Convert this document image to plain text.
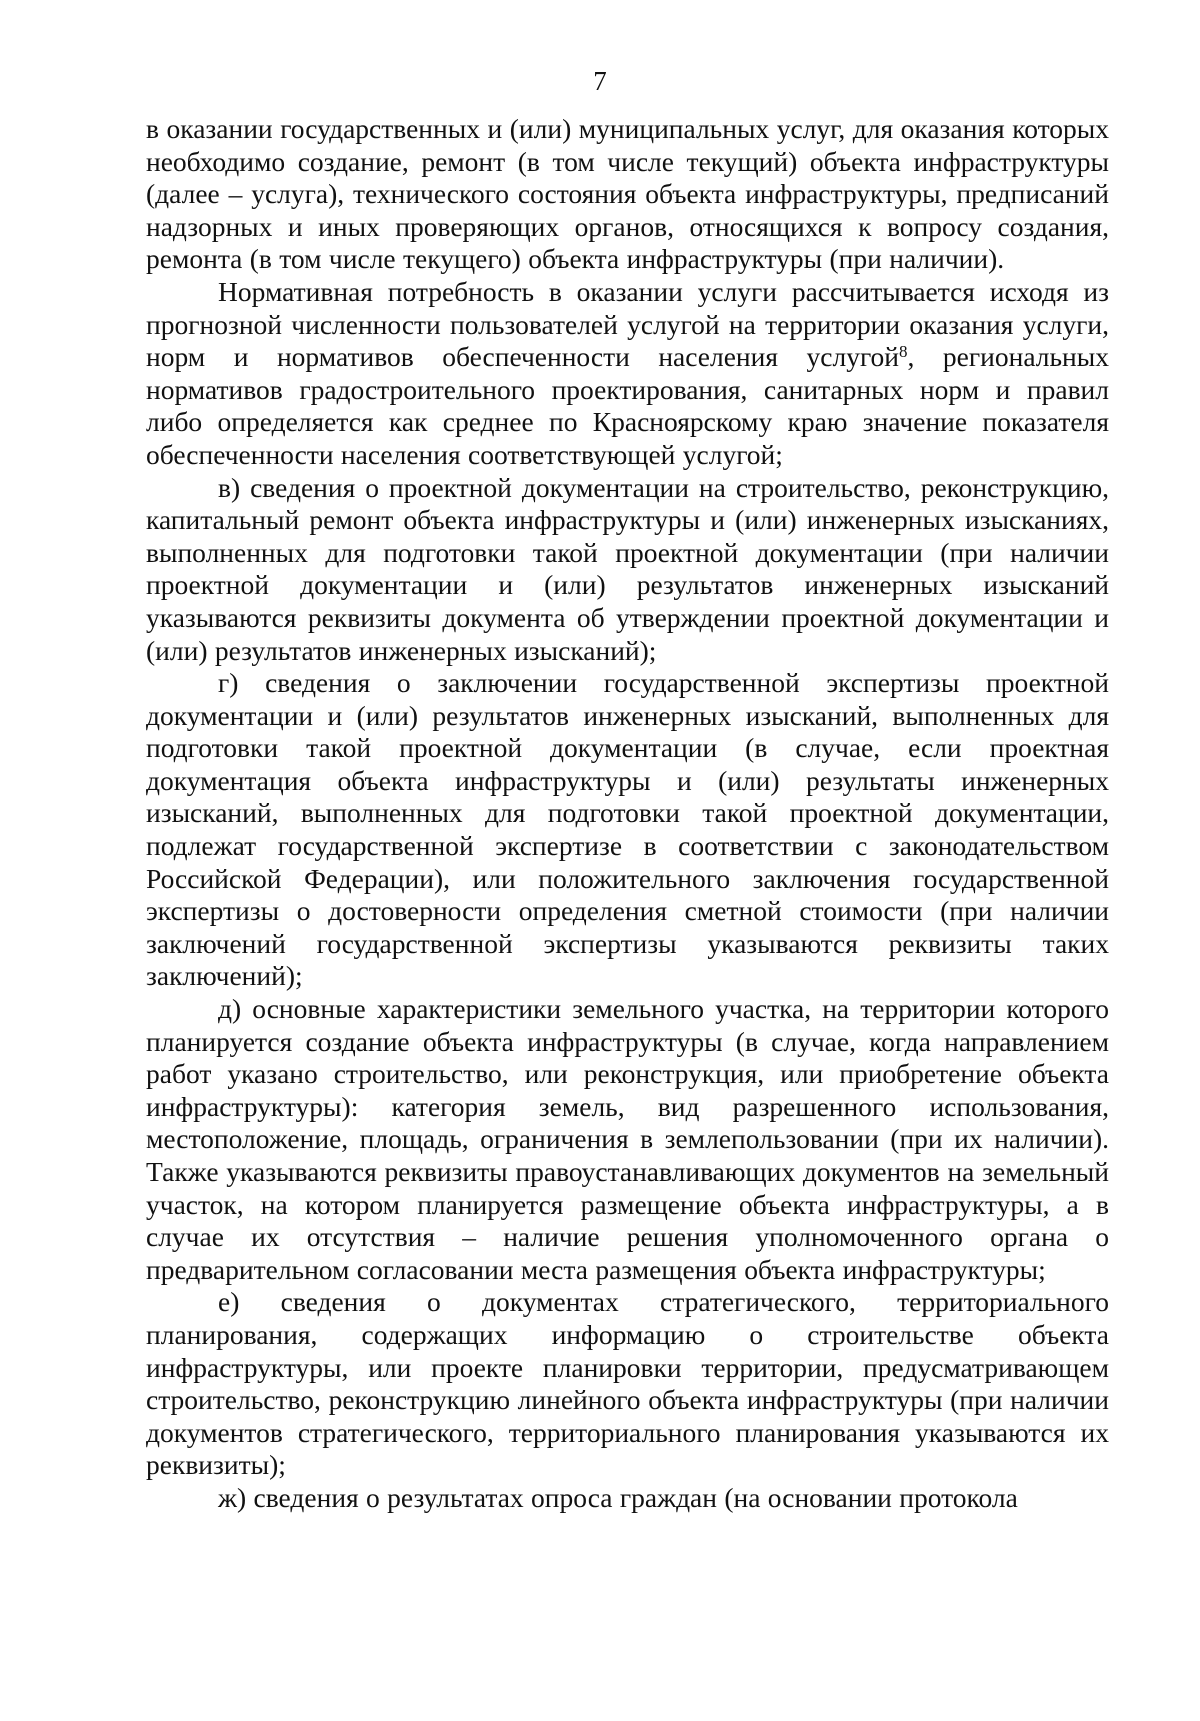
7

в оказании государственных и (или) муниципальных услуг, для оказания которых необходимо создание, ремонт (в том числе текущий) объекта инфраструктуры (далее – услуга), технического состояния объекта инфраструктуры, предписаний надзорных и иных проверяющих органов, относящихся к вопросу создания, ремонта (в том числе текущего) объекта инфраструктуры (при наличии).

Нормативная потребность в оказании услуги рассчитывается исходя из прогнозной численности пользователей услугой на территории оказания услуги, норм и нормативов обеспеченности населения услугой$^8$, региональных нормативов градостроительного проектирования, санитарных норм и правил либо определяется как среднее по Красноярскому краю значение показателя обеспеченности населения соответствующей услугой;

в) сведения о проектной документации на строительство, реконструкцию, капитальный ремонт объекта инфраструктуры и (или) инженерных изысканиях, выполненных для подготовки такой проектной документации (при наличии проектной документации и (или) результатов инженерных изысканий указываются реквизиты документа об утверждении проектной документации и (или) результатов инженерных изысканий);

г) сведения о заключении государственной экспертизы проектной документации и (или) результатов инженерных изысканий, выполненных для подготовки такой проектной документации (в случае, если проектная документация объекта инфраструктуры и (или) результаты инженерных изысканий, выполненных для подготовки такой проектной документации, подлежат государственной экспертизе в соответствии с законодательством Российской Федерации), или положительного заключения государственной экспертизы о достоверности определения сметной стоимости (при наличии заключений государственной экспертизы указываются реквизиты таких заключений);

д) основные характеристики земельного участка, на территории которого планируется создание объекта инфраструктуры (в случае, когда направлением работ указано строительство, или реконструкция, или приобретение объекта инфраструктуры): категория земель, вид разрешенного использования, местоположение, площадь, ограничения в землепользовании (при их наличии). Также указываются реквизиты правоустанавливающих документов на земельный участок, на котором планируется размещение объекта инфраструктуры, а в случае их отсутствия – наличие решения уполномоченного органа о предварительном согласовании места размещения объекта инфраструктуры;

е) сведения о документах стратегического, территориального планирования, содержащих информацию о строительстве объекта инфраструктуры, или проекте планировки территории, предусматривающем строительство, реконструкцию линейного объекта инфраструктуры (при наличии документов стратегического, территориального планирования указываются их реквизиты);

ж) сведения о результатах опроса граждан (на основании протокола
